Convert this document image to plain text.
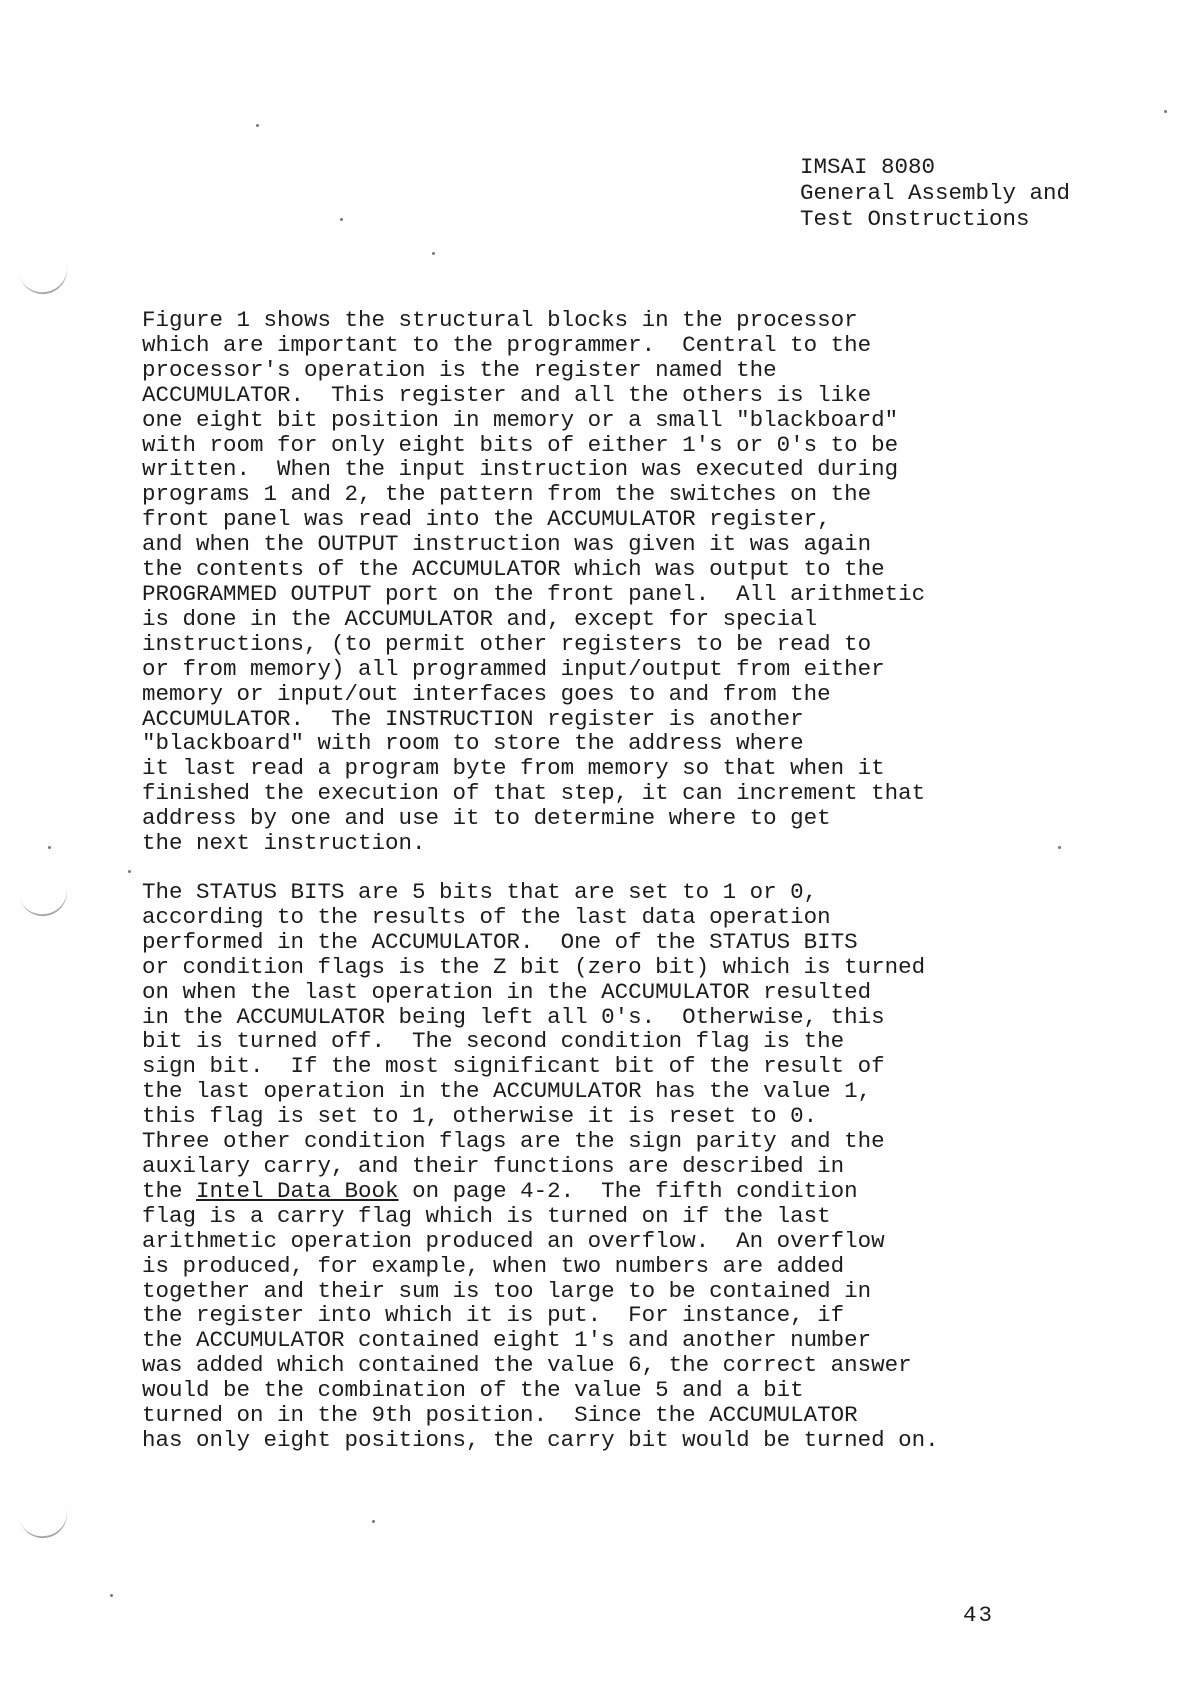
IMSAI 8080
General Assembly and
Test Onstructions
Figure 1 shows the structural blocks in the processor
which are important to the programmer.  Central to the
processor's operation is the register named the
ACCUMULATOR.  This register and all the others is like
one eight bit position in memory or a small "blackboard"
with room for only eight bits of either 1's or 0's to be
written.  When the input instruction was executed during
programs 1 and 2, the pattern from the switches on the
front panel was read into the ACCUMULATOR register,
and when the OUTPUT instruction was given it was again
the contents of the ACCUMULATOR which was output to the
PROGRAMMED OUTPUT port on the front panel.  All arithmetic
is done in the ACCUMULATOR and, except for special
instructions, (to permit other registers to be read to
or from memory) all programmed input/output from either
memory or input/out interfaces goes to and from the
ACCUMULATOR.  The INSTRUCTION register is another
"blackboard" with room to store the address where
it last read a program byte from memory so that when it
finished the execution of that step, it can increment that
address by one and use it to determine where to get
the next instruction.
The STATUS BITS are 5 bits that are set to 1 or 0,
according to the results of the last data operation
performed in the ACCUMULATOR.  One of the STATUS BITS
or condition flags is the Z bit (zero bit) which is turned
on when the last operation in the ACCUMULATOR resulted
in the ACCUMULATOR being left all 0's.  Otherwise, this
bit is turned off.  The second condition flag is the
sign bit.  If the most significant bit of the result of
the last operation in the ACCUMULATOR has the value 1,
this flag is set to 1, otherwise it is reset to 0.
Three other condition flags are the sign parity and the
auxilary carry, and their functions are described in
the Intel Data Book on page 4-2.  The fifth condition
flag is a carry flag which is turned on if the last
arithmetic operation produced an overflow.  An overflow
is produced, for example, when two numbers are added
together and their sum is too large to be contained in
the register into which it is put.  For instance, if
the ACCUMULATOR contained eight 1's and another number
was added which contained the value 6, the correct answer
would be the combination of the value 5 and a bit
turned on in the 9th position.  Since the ACCUMULATOR
has only eight positions, the carry bit would be turned on.
43
